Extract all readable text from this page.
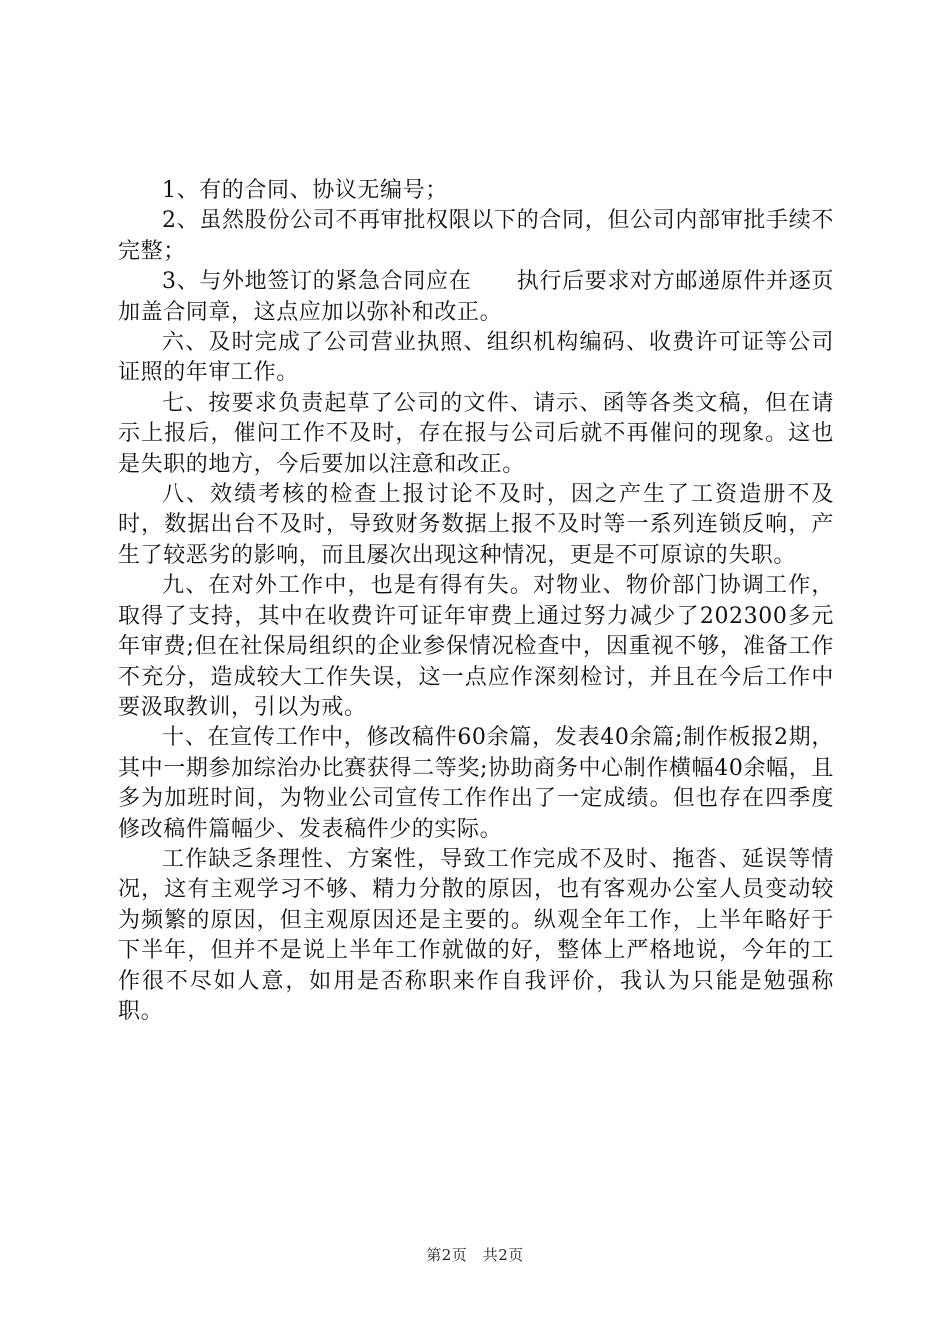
1、有的合同、协议无编号；

2、虽然股份公司不再审批权限以下的合同，但公司内部审批手续不完整；

3、与外地签订的紧急合同应在　　执行后要求对方邮递原件并逐页加盖合同章，这点应加以弥补和改正。

六、及时完成了公司营业执照、组织机构编码、收费许可证等公司证照的年审工作。

七、按要求负责起草了公司的文件、请示、函等各类文稿，但在请示上报后，催问工作不及时，存在报与公司后就不再催问的现象。这也是失职的地方，今后要加以注意和改正。

八、效绩考核的检查上报讨论不及时，因之产生了工资造册不及时，数据出台不及时，导致财务数据上报不及时等一系列连锁反响，产生了较恶劣的影响，而且屡次出现这种情况，更是不可原谅的失职。

九、在对外工作中，也是有得有失。对物业、物价部门协调工作，取得了支持，其中在收费许可证年审费上通过努力减少了202300多元年审费;但在社保局组织的企业参保情况检查中，因重视不够，准备工作不充分，造成较大工作失误，这一点应作深刻检讨，并且在今后工作中要汲取教训，引以为戒。

十、在宣传工作中，修改稿件60余篇，发表40余篇;制作板报2期，其中一期参加综治办比赛获得二等奖;协助商务中心制作横幅40余幅，且多为加班时间，为物业公司宣传工作作出了一定成绩。但也存在四季度修改稿件篇幅少、发表稿件少的实际。

工作缺乏条理性、方案性，导致工作完成不及时、拖沓、延误等情况，这有主观学习不够、精力分散的原因，也有客观办公室人员变动较为频繁的原因，但主观原因还是主要的。纵观全年工作，上半年略好于下半年，但并不是说上半年工作就做的好，整体上严格地说，今年的工作很不尽如人意，如用是否称职来作自我评价，我认为只能是勉强称职。

第2页　共2页
